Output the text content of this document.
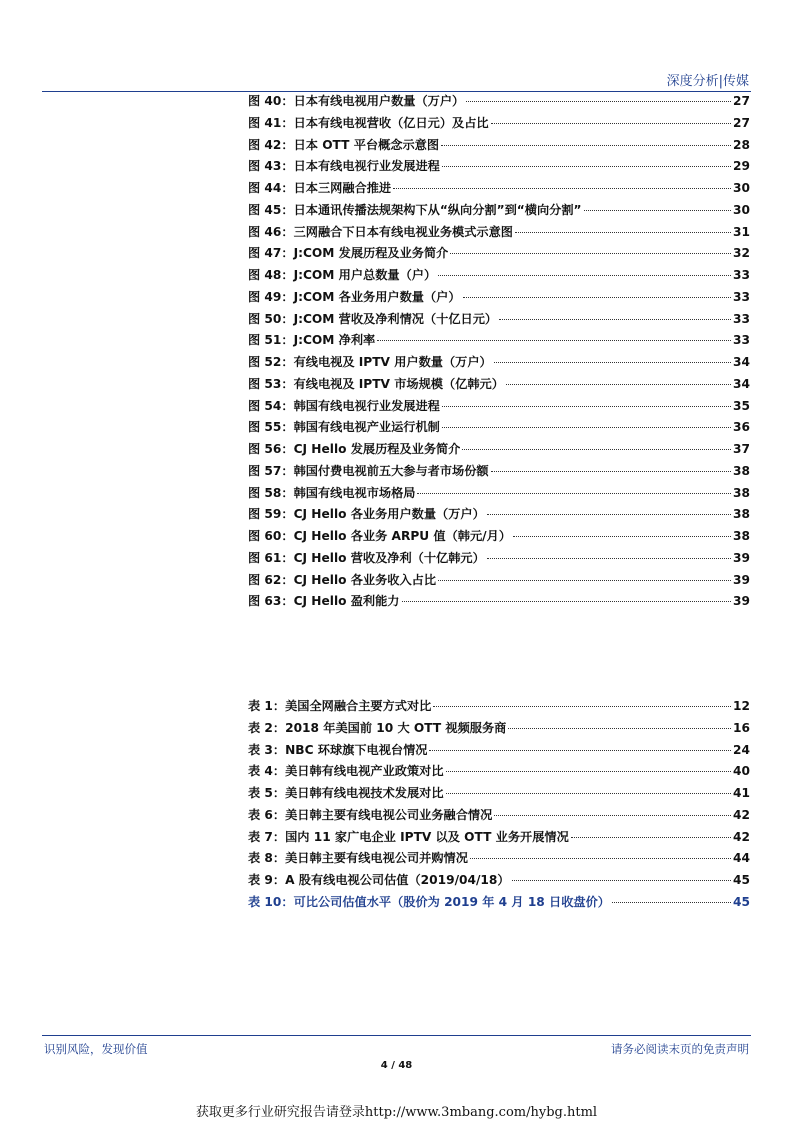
深度分析|传媒
图 40：日本有线电视用户数量（万户）	27
图 41：日本有线电视营收（亿日元）及占比	27
图 42：日本 OTT 平台概念示意图	28
图 43：日本有线电视行业发展进程	29
图 44：日本三网融合推进	30
图 45：日本通讯传播法规架构下从“纵向分割”到“横向分割”	30
图 46：三网融合下日本有线电视业务模式示意图	31
图 47：J:COM 发展历程及业务简介	32
图 48：J:COM 用户总数量（户）	33
图 49：J:COM 各业务用户数量（户）	33
图 50：J:COM 营收及净利情况（十亿日元）	33
图 51：J:COM 净利率	33
图 52：有线电视及 IPTV 用户数量（万户）	34
图 53：有线电视及 IPTV 市场规模（亿韩元）	34
图 54：韩国有线电视行业发展进程	35
图 55：韩国有线电视产业运行机制	36
图 56：CJ Hello 发展历程及业务简介	37
图 57：韩国付费电视前五大参与者市场份额	38
图 58：韩国有线电视市场格局	38
图 59：CJ Hello 各业务用户数量（万户）	38
图 60：CJ Hello 各业务 ARPU 值（韩元/月）	38
图 61：CJ Hello 营收及净利（十亿韩元）	39
图 62：CJ Hello 各业务收入占比	39
图 63：CJ Hello 盈利能力	39
表 1：美国全网融合主要方式对比	12
表 2：2018 年美国前 10 大 OTT 视频服务商	16
表 3：NBC 环球旗下电视台情况	24
表 4：美日韩有线电视产业政策对比	40
表 5：美日韩有线电视技术发展对比	41
表 6：美日韩主要有线电视公司业务融合情况	42
表 7：国内 11 家广电企业 IPTV 以及 OTT 业务开展情况	42
表 8：美日韩主要有线电视公司并购情况	44
表 9：A 股有线电视公司估值（2019/04/18）	45
表 10：可比公司估值水平（股价为 2019 年 4 月 18 日收盘价）	45
识别风险，发现价值	请务必阅读末页的免责声明
4 / 48
获取更多行业研究报告请登录http://www.3mbang.com/hybg.html
